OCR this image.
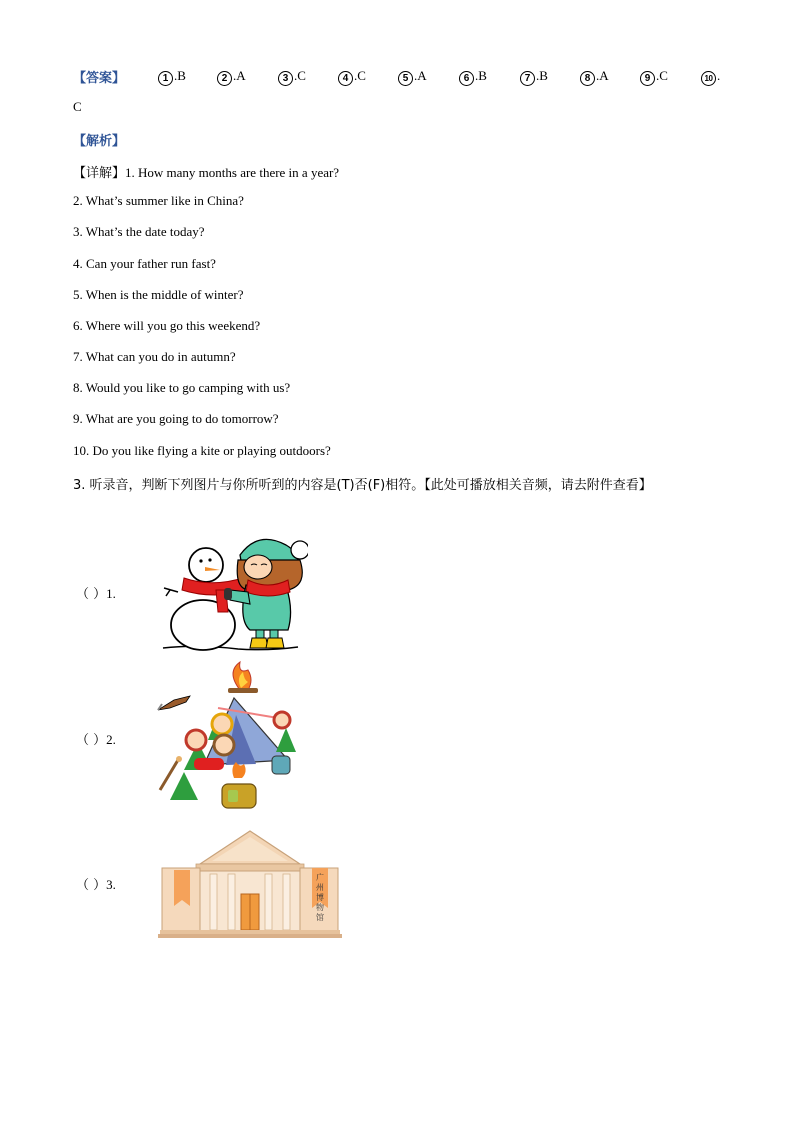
【答案】	1 .B	2 .A	3 .C	4 .C	5 .A	6 .B	7 .B	8 .A	9 .C	10 .
C
【解析】
【详解】1. How many months are there in a year?
2. What’s summer like in China?
3. What’s the date today?
4. Can your father run fast?
5. When is the middle of winter?
6. Where will you go this weekend?
7. What can you do in autumn?
8. Would you like to go camping with us?
9. What are you going to do tomorrow?
10. Do you like flying a kite or playing outdoors?
3. 听录音，判断下列图片与你所听到的内容是(T)否(F)相符。【此处可播放相关音频，请去附件查看】
（ ）1.
（ ）2.
（ ）3.	广
州
博
物
馆
